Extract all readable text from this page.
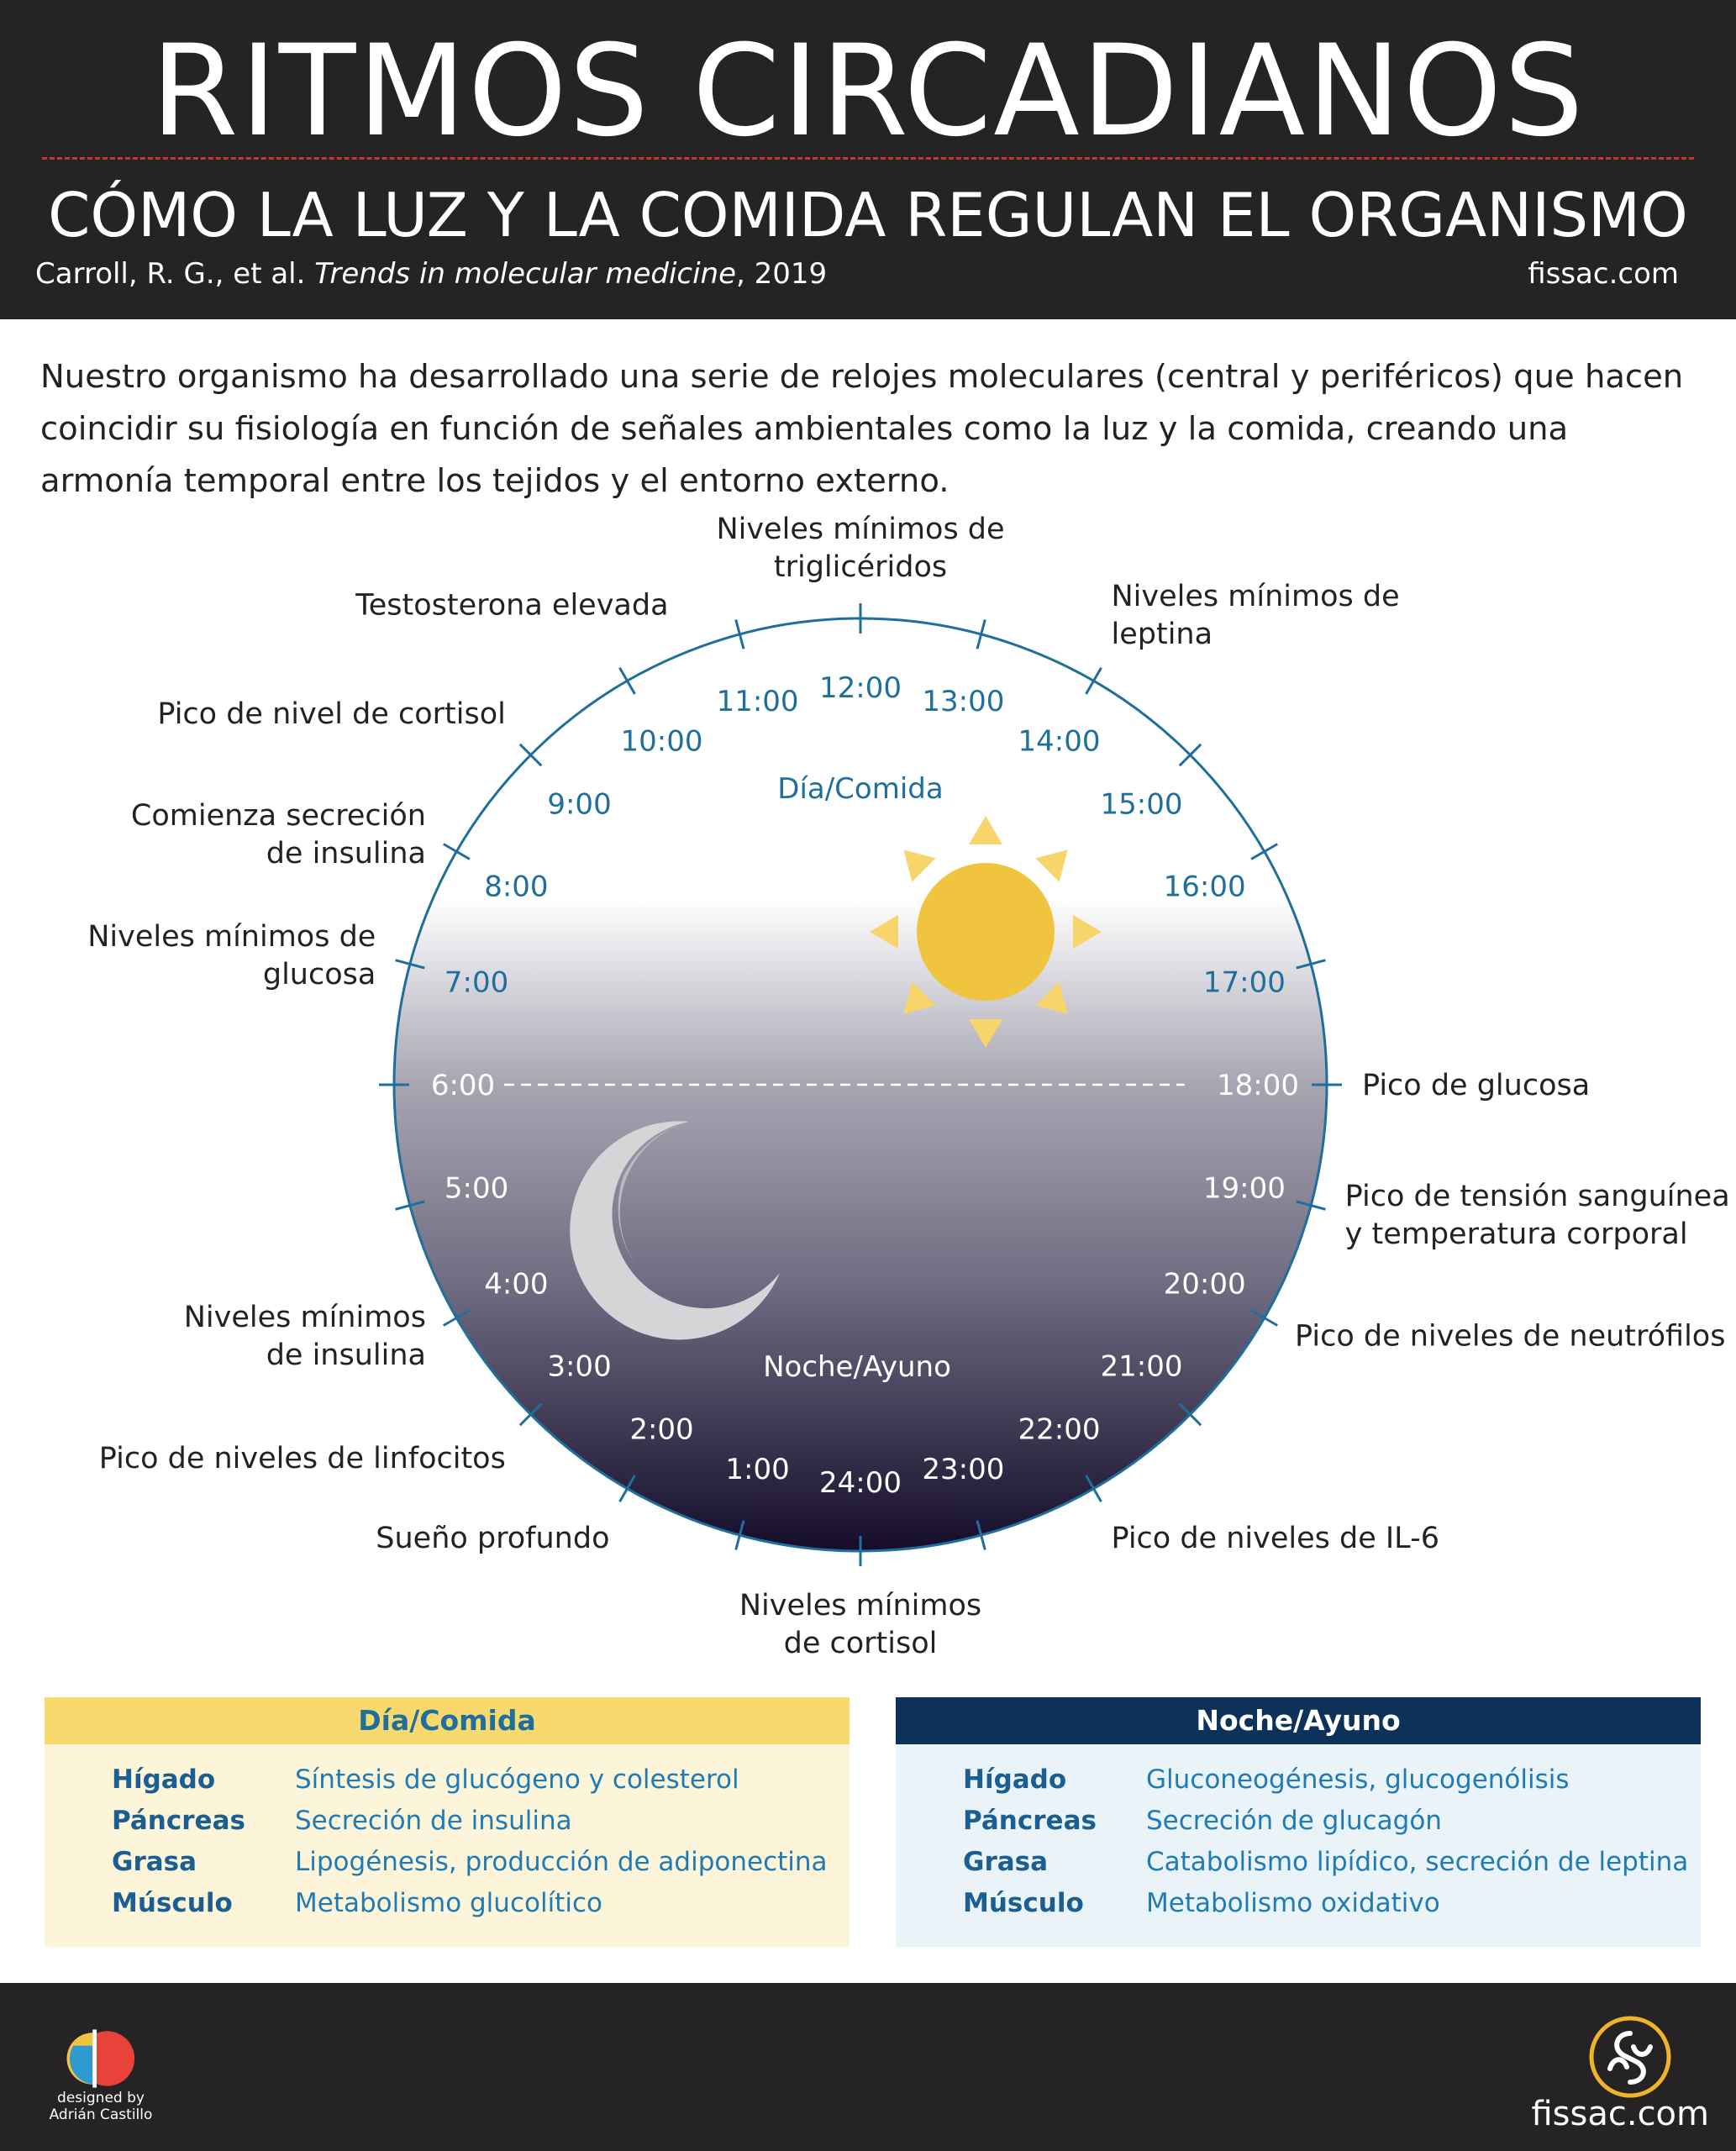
RITMOS CIRCADIANOS
CÓMO LA LUZ Y LA COMIDA REGULAN EL ORGANISMO
Carroll, R. G., et al. Trends in molecular medicine, 2019	fissac.com
Nuestro organismo ha desarrollado una serie de relojes moleculares (central y periféricos) que hacen coincidir su fisiología en función de señales ambientales como la luz y la comida, creando una armonía temporal entre los tejidos y el entorno externo.
Día/Comida
Noche/Ayuno
1:00
2:00
3:00
4:00
5:00
6:00
7:00
8:00
9:00
10:00
11:00 12:00 13:00
14:00
15:00
16:00
17:00
18:00
19:00
20:00
21:00
22:00
23:00
24:00
Niveles mínimos de triglicéridos
Niveles mínimos de leptina
Testosterona elevada
Pico de nivel de cortisol
Comienza secreción de insulina
Niveles mínimos de glucosa
Pico de glucosa
Pico de tensión sanguínea y temperatura corporal
Pico de niveles de neutrófilos
Niveles mínimos de insulina
Pico de niveles de linfocitos
Sueño profundo	Pico de niveles de IL-6
Niveles mínimos de cortisol
Día/Comida
Hígado	Síntesis de glucógeno y colesterol
Páncreas Secreción de insulina
Grasa	Lipogénesis, producción de adiponectina
Músculo Metabolismo glucolítico
Noche/Ayuno
Hígado	Gluconeogénesis, glucogenólisis
Páncreas Secreción de glucagón
Grasa	Catabolismo lipídico, secreción de leptina
Músculo Metabolismo oxidativo
designed by
Adrián Castillo	fissac.com
